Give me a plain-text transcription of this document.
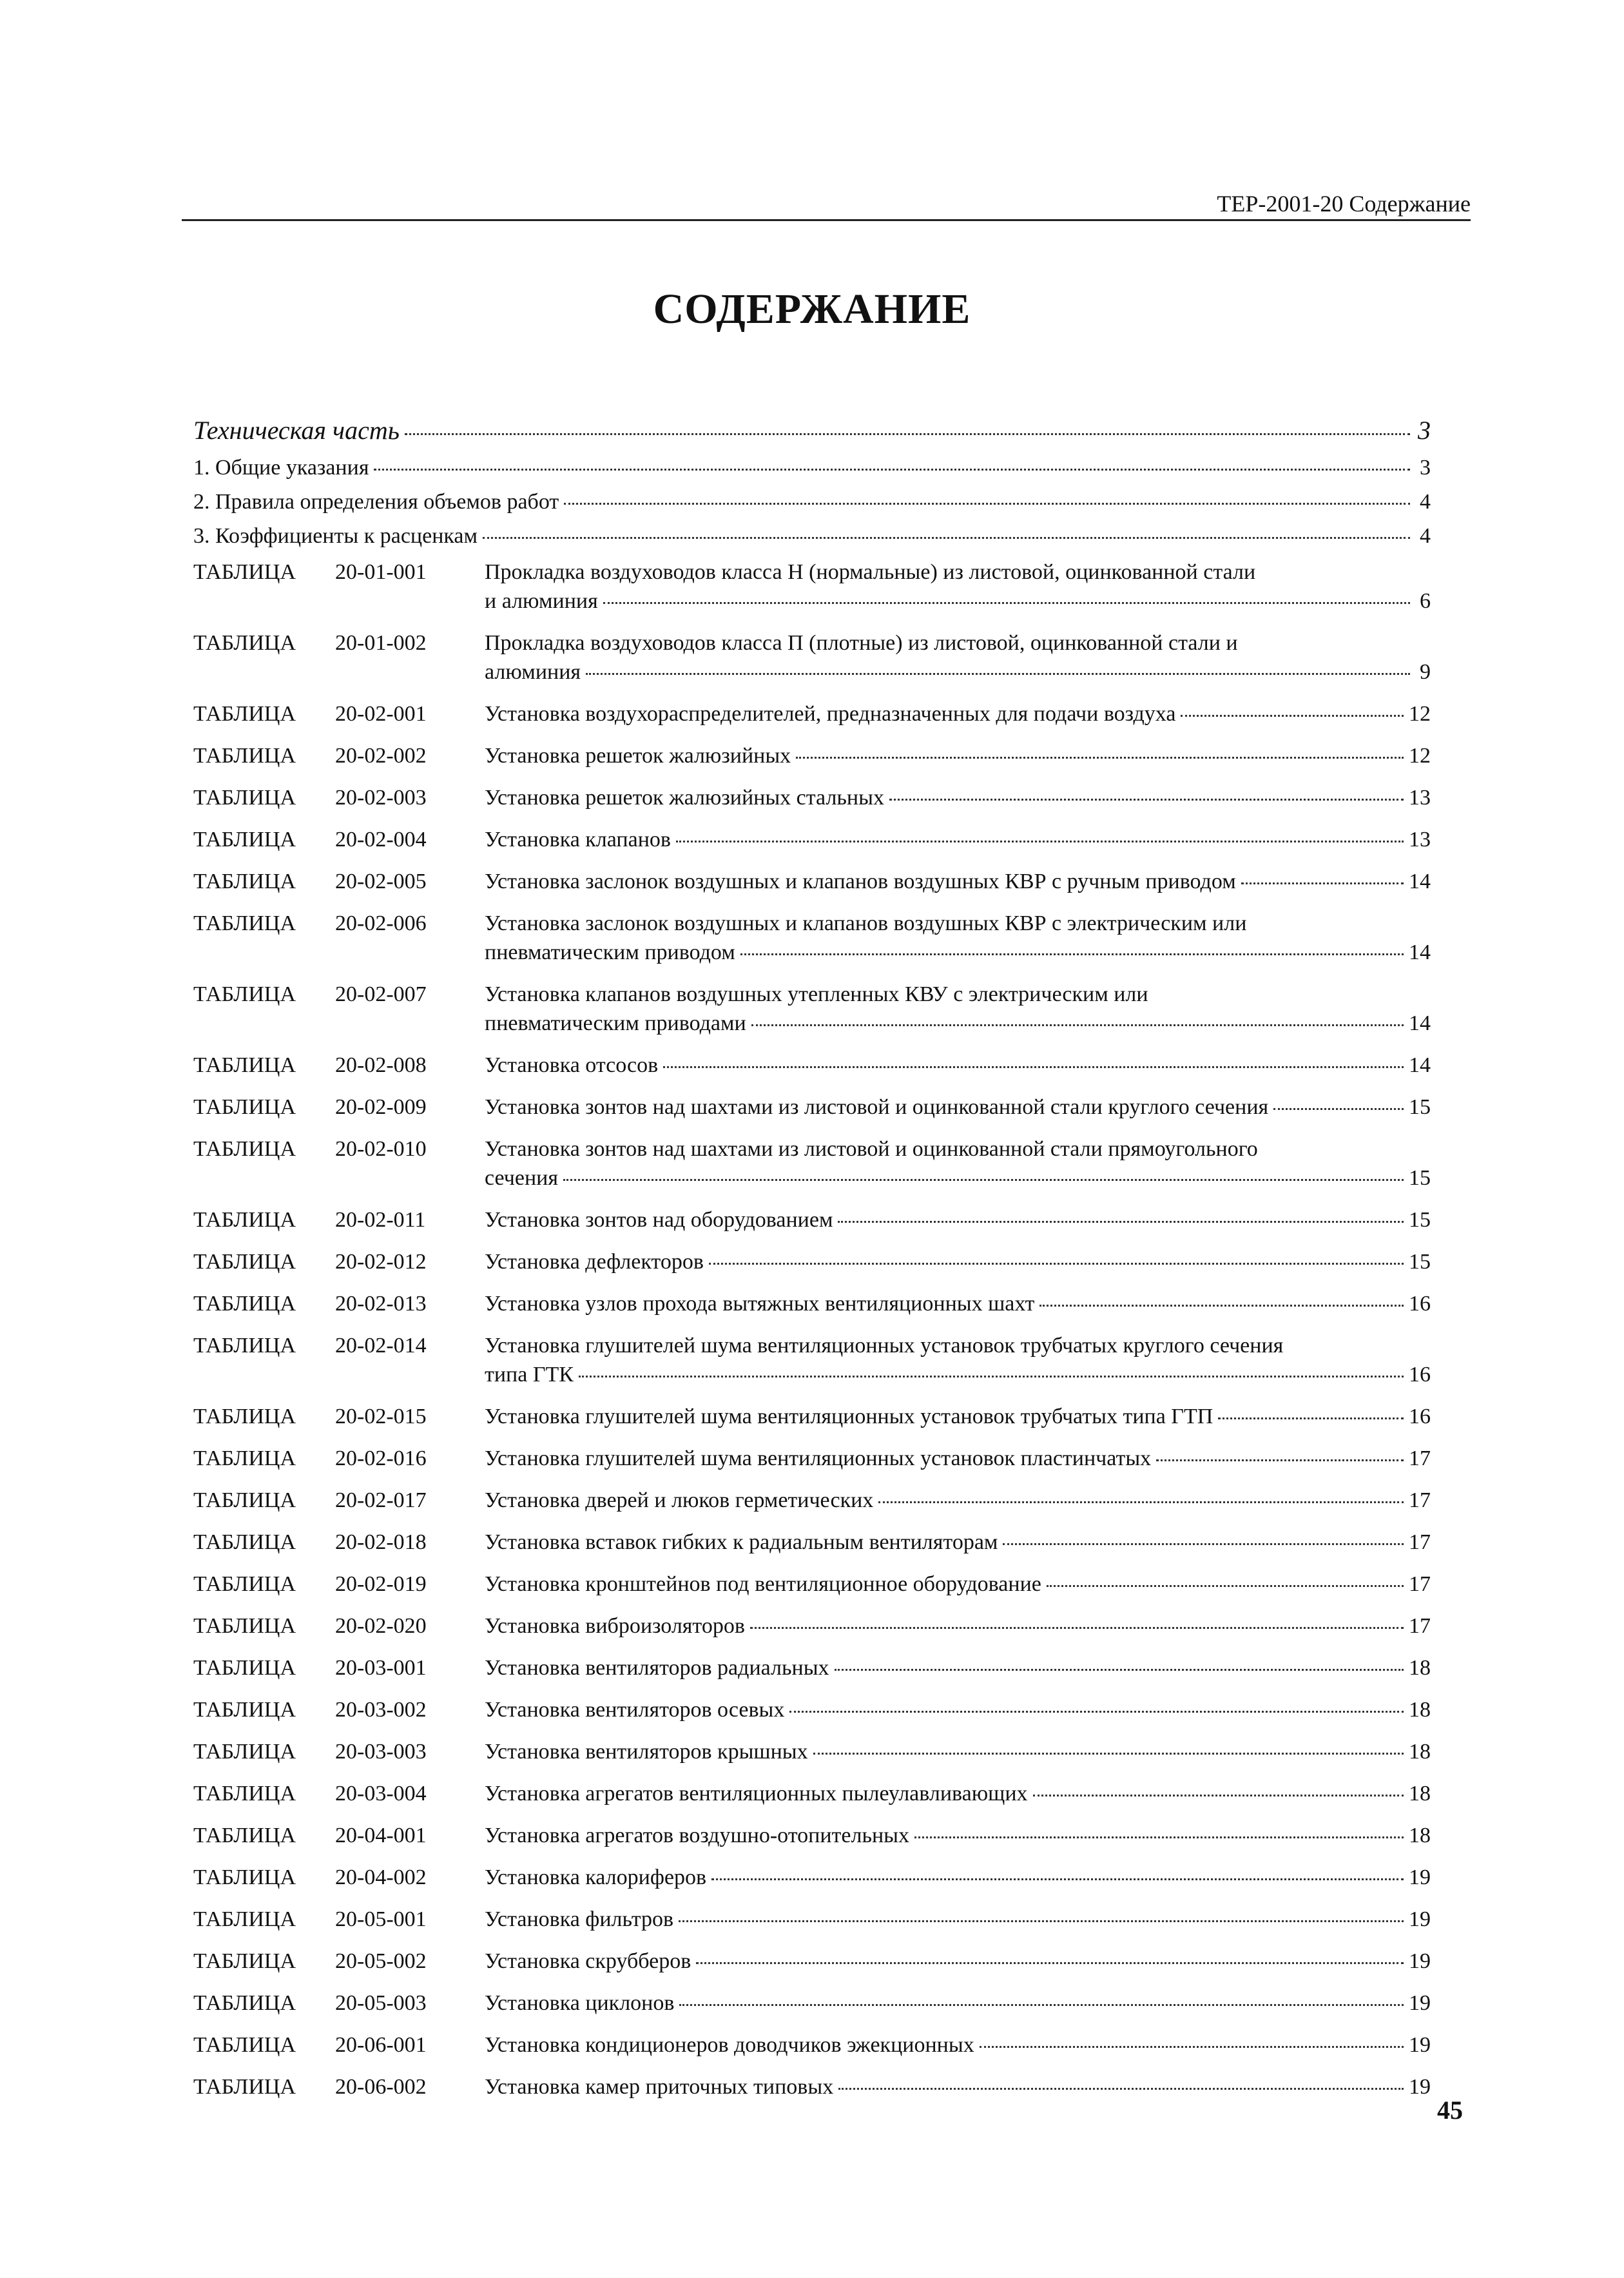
ТЕР-2001-20 Содержание
СОДЕРЖАНИЕ
Техническая часть	3
1. Общие указания	3
2. Правила определения объемов работ	4
3. Коэффициенты к расценкам	4
ТАБЛИЦА	20-01-001	Прокладка воздуховодов класса Н (нормальные) из листовой, оцинкованной стали
и алюминия	6
ТАБЛИЦА	20-01-002	Прокладка воздуховодов класса П (плотные) из листовой, оцинкованной стали и
алюминия	9
ТАБЛИЦА	20-02-001	Установка воздухораспределителей, предназначенных для подачи воздуха	12
ТАБЛИЦА	20-02-002	Установка решеток жалюзийных	12
ТАБЛИЦА	20-02-003	Установка решеток жалюзийных стальных	13
ТАБЛИЦА	20-02-004	Установка клапанов	13
ТАБЛИЦА	20-02-005	Установка заслонок воздушных и клапанов воздушных КВР с ручным приводом	14
ТАБЛИЦА	20-02-006	Установка заслонок воздушных и клапанов воздушных КВР с электрическим или
пневматическим приводом	14
ТАБЛИЦА	20-02-007	Установка клапанов воздушных утепленных КВУ с электрическим или
пневматическим приводами	14
ТАБЛИЦА	20-02-008	Установка отсосов	14
ТАБЛИЦА	20-02-009	Установка зонтов над шахтами из листовой и оцинкованной стали круглого сечения	15
ТАБЛИЦА	20-02-010	Установка зонтов над шахтами из листовой и оцинкованной стали прямоугольного
сечения	15
ТАБЛИЦА	20-02-011	Установка зонтов над оборудованием	15
ТАБЛИЦА	20-02-012	Установка дефлекторов	15
ТАБЛИЦА	20-02-013	Установка узлов прохода вытяжных вентиляционных шахт	16
ТАБЛИЦА	20-02-014	Установка глушителей шума вентиляционных установок трубчатых круглого сечения
типа ГТК	16
ТАБЛИЦА	20-02-015	Установка глушителей шума вентиляционных установок трубчатых типа ГТП	16
ТАБЛИЦА	20-02-016	Установка глушителей шума вентиляционных установок пластинчатых	17
ТАБЛИЦА	20-02-017	Установка дверей и люков герметических	17
ТАБЛИЦА	20-02-018	Установка вставок гибких к радиальным вентиляторам	17
ТАБЛИЦА	20-02-019	Установка кронштейнов под вентиляционное оборудование	17
ТАБЛИЦА	20-02-020	Установка виброизоляторов	17
ТАБЛИЦА	20-03-001	Установка вентиляторов радиальных	18
ТАБЛИЦА	20-03-002	Установка вентиляторов осевых	18
ТАБЛИЦА	20-03-003	Установка вентиляторов крышных	18
ТАБЛИЦА	20-03-004	Установка агрегатов вентиляционных пылеулавливающих	18
ТАБЛИЦА	20-04-001	Установка агрегатов воздушно-отопительных	18
ТАБЛИЦА	20-04-002	Установка калориферов	19
ТАБЛИЦА	20-05-001	Установка фильтров	19
ТАБЛИЦА	20-05-002	Установка скрубберов	19
ТАБЛИЦА	20-05-003	Установка циклонов	19
ТАБЛИЦА	20-06-001	Установка кондиционеров доводчиков эжекционных	19
ТАБЛИЦА	20-06-002	Установка камер приточных типовых	19
45
